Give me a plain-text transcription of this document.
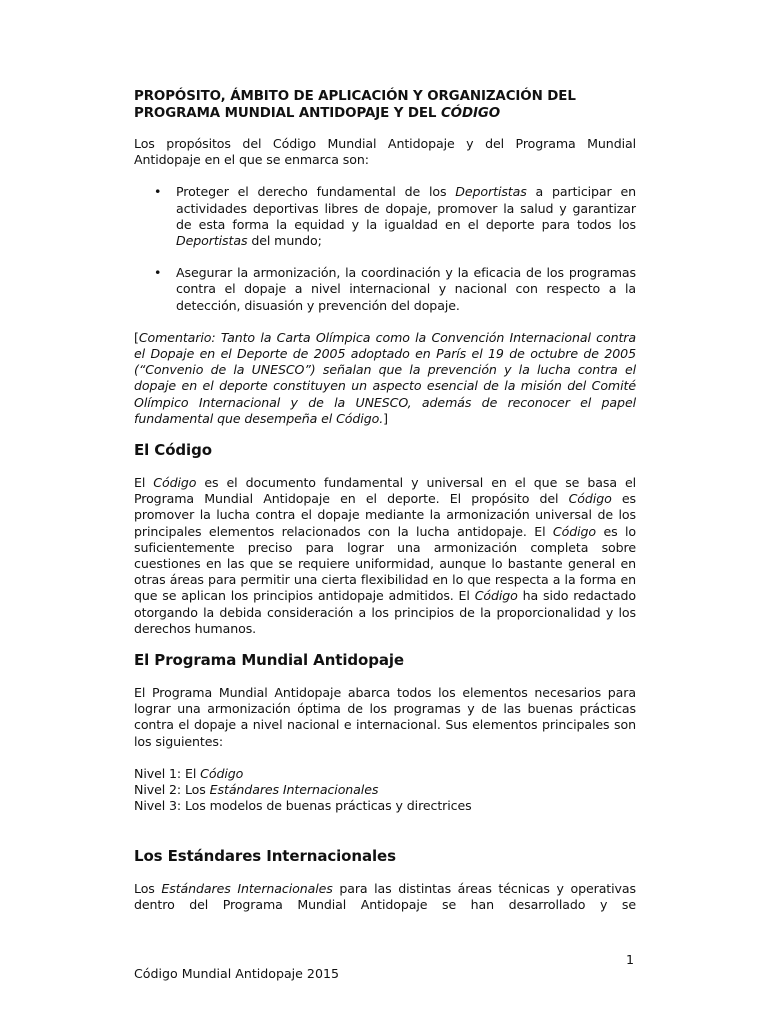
PROPÓSITO, ÁMBITO DE APLICACIÓN Y ORGANIZACIÓN DEL
PROGRAMA MUNDIAL ANTIDOPAJE Y DEL CÓDIGO

Los propósitos del Código Mundial Antidopaje y del Programa Mundial Antidopaje en el que se enmarca son:

• Proteger el derecho fundamental de los Deportistas a participar en actividades deportivas libres de dopaje, promover la salud y garantizar de esta forma la equidad y la igualdad en el deporte para todos los Deportistas del mundo;
• Asegurar la armonización, la coordinación y la eficacia de los programas contra el dopaje a nivel internacional y nacional con respecto a la detección, disuasión y prevención del dopaje.

[Comentario: Tanto la Carta Olímpica como la Convención Internacional contra el Dopaje en el Deporte de 2005 adoptado en París el 19 de octubre de 2005 (“Convenio de la UNESCO”) señalan que la prevención y la lucha contra el dopaje en el deporte constituyen un aspecto esencial de la misión del Comité Olímpico Internacional y de la UNESCO, además de reconocer el papel fundamental que desempeña el Código.]

El Código

El Código es el documento fundamental y universal en el que se basa el Programa Mundial Antidopaje en el deporte. El propósito del Código es promover la lucha contra el dopaje mediante la armonización universal de los principales elementos relacionados con la lucha antidopaje. El Código es lo suficientemente preciso para lograr una armonización completa sobre cuestiones en las que se requiere uniformidad, aunque lo bastante general en otras áreas para permitir una cierta flexibilidad en lo que respecta a la forma en que se aplican los principios antidopaje admitidos. El Código ha sido redactado otorgando la debida consideración a los principios de la proporcionalidad y los derechos humanos.

El Programa Mundial Antidopaje

El Programa Mundial Antidopaje abarca todos los elementos necesarios para lograr una armonización óptima de los programas y de las buenas prácticas contra el dopaje a nivel nacional e internacional. Sus elementos principales son los siguientes:

Nivel 1: El Código

Nivel 2: Los Estándares Internacionales

Nivel 3: Los modelos de buenas prácticas y directrices

Los Estándares Internacionales

Los Estándares Internacionales para las distintas áreas técnicas y operativas dentro del Programa Mundial Antidopaje se han desarrollado y se

1
Código Mundial Antidopaje 2015
